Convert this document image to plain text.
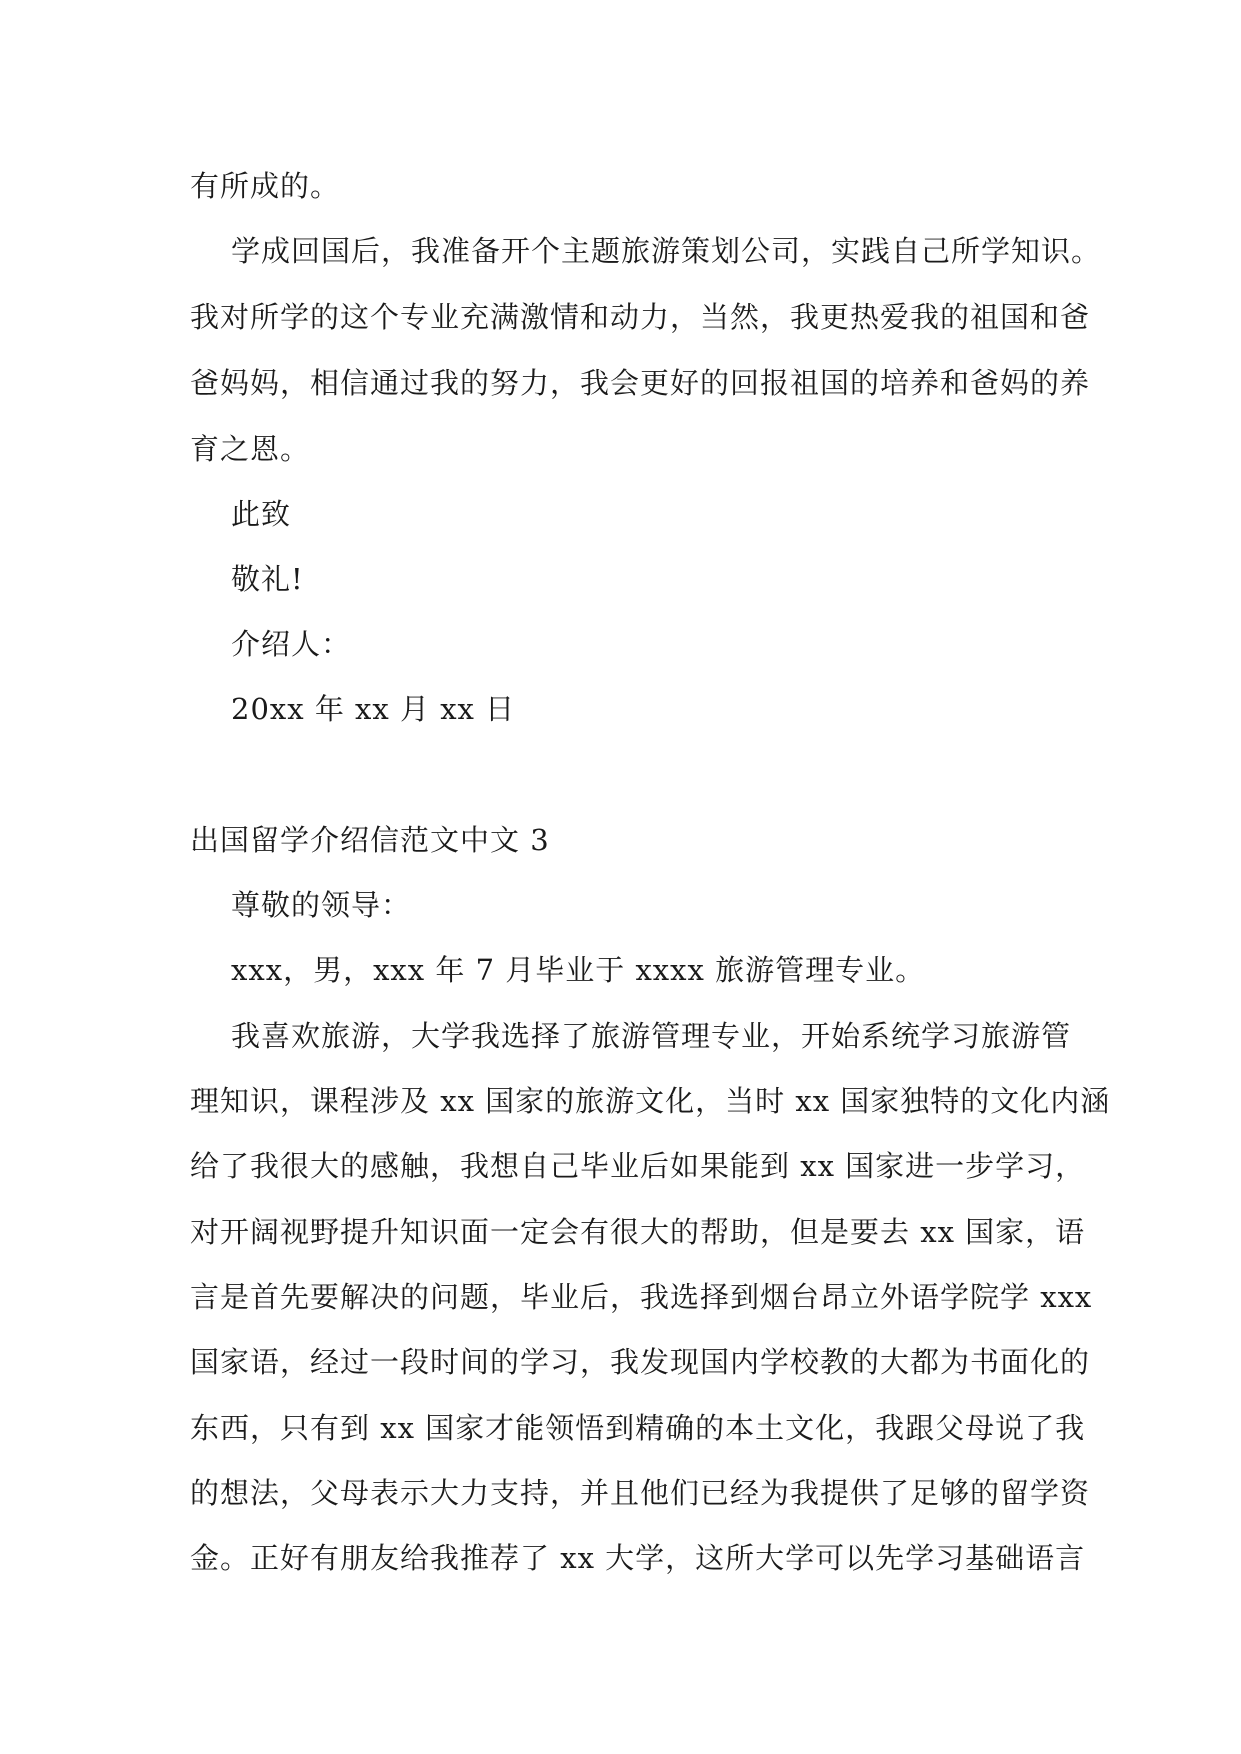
有所成的。
学成回国后，我准备开个主题旅游策划公司，实践自己所学知识。
我对所学的这个专业充满激情和动力，当然，我更热爱我的祖国和爸
爸妈妈，相信通过我的努力，我会更好的回报祖国的培养和爸妈的养
育之恩。
此致
敬礼!
介绍人：
20xx 年 xx 月 xx 日
出国留学介绍信范文中文 3
尊敬的领导：
xxx，男，xxx 年 7 月毕业于 xxxx 旅游管理专业。
我喜欢旅游，大学我选择了旅游管理专业，开始系统学习旅游管
理知识，课程涉及 xx 国家的旅游文化，当时 xx 国家独特的文化内涵
给了我很大的感触，我想自己毕业后如果能到 xx 国家进一步学习，
对开阔视野提升知识面一定会有很大的帮助，但是要去 xx 国家，语
言是首先要解决的问题，毕业后，我选择到烟台昂立外语学院学 xxx
国家语，经过一段时间的学习，我发现国内学校教的大都为书面化的
东西，只有到 xx 国家才能领悟到精确的本土文化，我跟父母说了我
的想法，父母表示大力支持，并且他们已经为我提供了足够的留学资
金。正好有朋友给我推荐了 xx 大学，这所大学可以先学习基础语言
